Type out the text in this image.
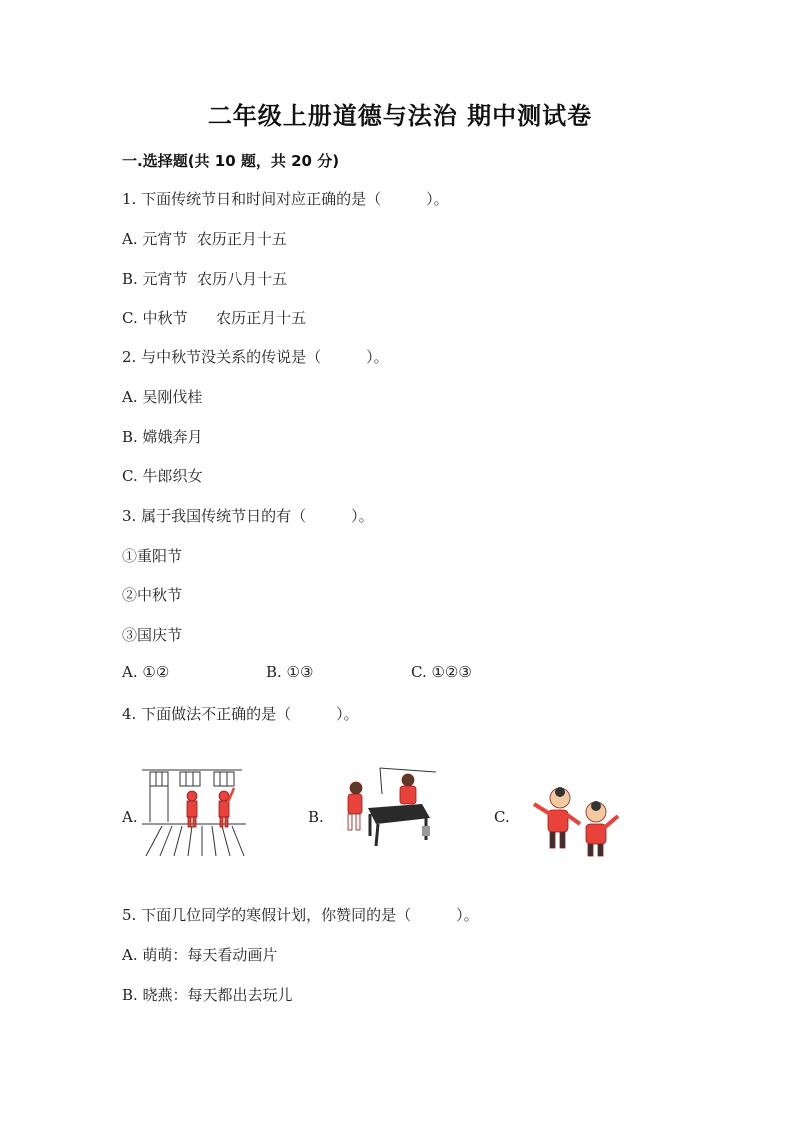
二年级上册道德与法治 期中测试卷
一.选择题(共 10 题，共 20 分)
1. 下面传统节日和时间对应正确的是（　　　）。
A. 元宵节  农历正月十五
B. 元宵节  农历八月十五
C. 中秋节      农历正月十五
2. 与中秋节没关系的传说是（　　　）。
A. 吴刚伐桂
B. 嫦娥奔月
C. 牛郎织女
3. 属于我国传统节日的有（　　　）。
①重阳节
②中秋节
③国庆节
A. ①②	B. ①③	C. ①②③
4. 下面做法不正确的是（　　　）。
A.	B.	C.
5. 下面几位同学的寒假计划，你赞同的是（　　　）。
A. 萌萌：每天看动画片
B. 晓燕：每天都出去玩儿
